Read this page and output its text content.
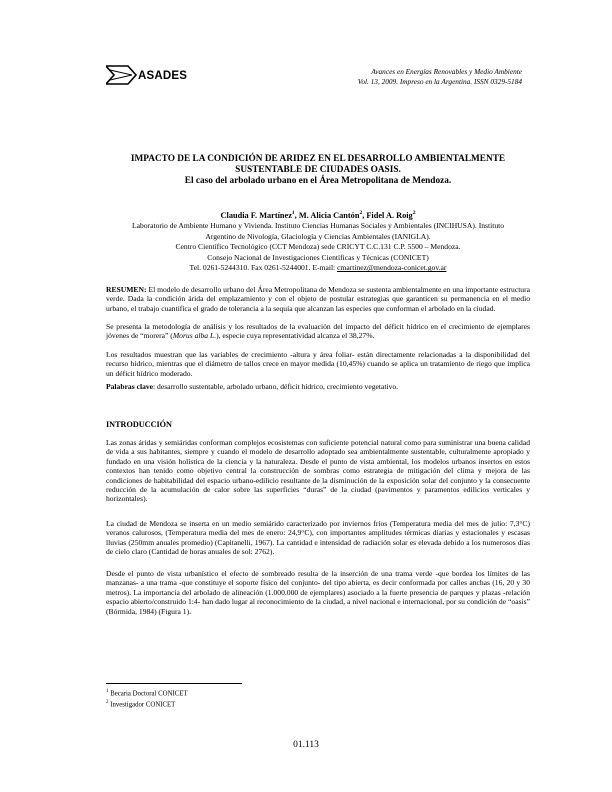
ASADES	Avances en Energías Renovables y Medio Ambiente
Vol. 13, 2009. Impreso en la Argentina. ISSN 0329-5184
IMPACTO DE LA CONDICIÓN DE ARIDEZ EN EL DESARROLLO AMBIENTALMENTE
SUSTENTABLE DE CIUDADES OASIS.
El caso del arbolado urbano en el Área Metropolitana de Mendoza.
Claudia F. Martínez$^1$, M. Alicia Cantón$^2$, Fidel A. Roig$^2$
Laboratorio de Ambiente Humano y Vivienda. Instituto Ciencias Humanas Sociales y Ambientales (INCIHUSA). Instituto
Argentino de Nivología, Glaciología y Ciencias Ambientales (IANIGLA).
Centro Científico Tecnológico (CCT Mendoza) sede CRICYT C.C.131 C.P. 5500 – Mendoza.
Consejo Nacional de Investigaciones Científicas y Técnicas (CONICET)
Tel. 0261-5244310. Fax 0261-5244001. E-mail: cmartinez@mendoza-conicet.gov.ar
RESUMEN: El modelo de desarrollo urbano del Área Metropolitana de Mendoza se sustenta ambientalmente en una importante estructura verde. Dada la condición árida del emplazamiento y con el objeto de postular estrategias que garanticen su permanencia en el medio urbano, el trabajo cuantifica el grado de tolerancia a la sequía que alcanzan las especies que conforman el arbolado en la ciudad.
Se presenta la metodología de análisis y los resultados de la evaluación del impacto del déficit hídrico en el crecimiento de ejemplares jóvenes de “morera” (Morus alba L.), especie cuya representatividad alcanza el 38,27%.
Los resultados muestran que las variables de crecimiento -altura y área foliar- están directamente relacionadas a la disponibilidad del recurso hídrico, mientras que el diámetro de tallos crece en mayor medida (10,45%) cuando se aplica un tratamiento de riego que implica un déficit hídrico moderado.
Palabras clave: desarrollo sustentable, arbolado urbano, déficit hídrico, crecimiento vegetativo.
INTRODUCCIÓN
Las zonas áridas y semiáridas conforman complejos ecosistemas con suficiente potencial natural como para suministrar una buena calidad de vida a sus habitantes, siempre y cuando el modelo de desarrollo adoptado sea ambientalmente sustentable, culturalmente apropiado y fundado en una visión holística de la ciencia y la naturaleza. Desde el punto de vista ambiental, los modelos urbanos insertos en estos contextos han tenido como objetivo central la construcción de sombras como estrategia de mitigación del clima y mejora de las condiciones de habitabilidad del espacio urbano-edilicio resultante de la disminución de la exposición solar del conjunto y la consecuente reducción de la acumulación de calor sobre las superficies “duras” de la ciudad (pavimentos y paramentos edilicios verticales y horizontales).
La ciudad de Mendoza se inserta en un medio semiárido caracterizado por inviernos fríos (Temperatura media del mes de julio: 7,3°C) veranos calurosos, (Temperatura media del mes de enero: 24,9°C), con importantes amplitudes térmicas diarias y estacionales y escasas lluvias (250mm anuales promedio) (Capitanelli, 1967). La cantidad e intensidad de radiación solar es elevada debido a los numerosos días de cielo claro (Cantidad de horas anuales de sol: 2762).
Desde el punto de vista urbanístico el efecto de sombreado resulta de la inserción de una trama verde -que bordea los límites de las manzanas- a una trama -que constituye el soporte físico del conjunto- del tipo abierta, es decir conformada por calles anchas (16, 20 y 30 metros). La importancia del arbolado de alineación (1.000.000 de ejemplares) asociado a la fuerte presencia de parques y plazas -relación espacio abierto/construido 1:4- han dado lugar al reconocimiento de la ciudad, a nivel nacional e internacional, por su condición de “oasis” (Bórmida, 1984) (Figura 1).
$^1$ Becaria Doctoral CONICET
$^2$ Investigador CONICET
01.113
